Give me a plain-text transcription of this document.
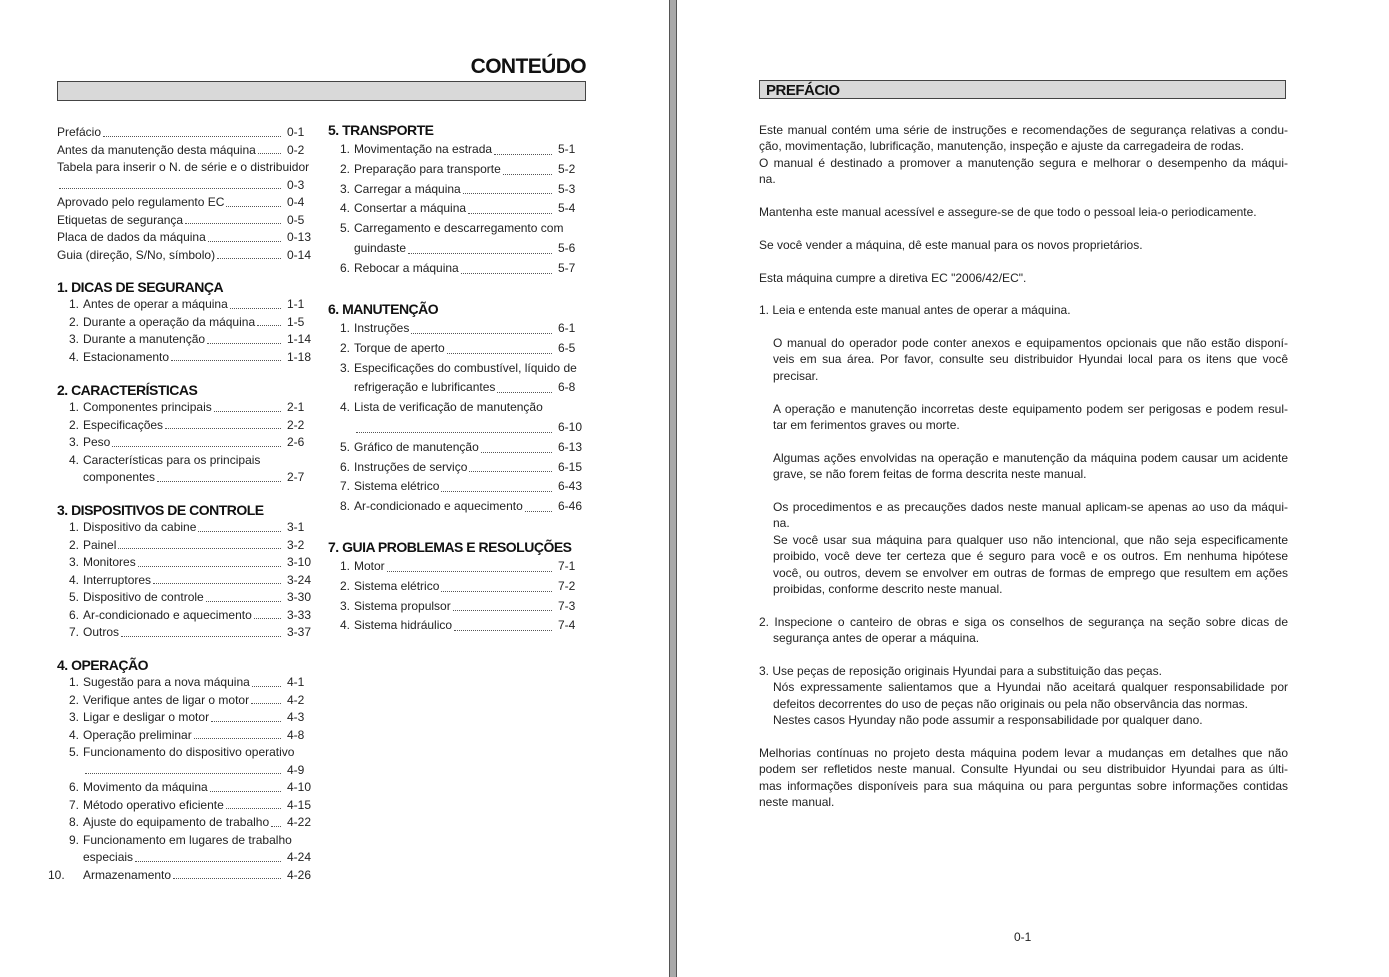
CONTEÚDO
Prefácio	0-1
Antes da manutenção desta máquina	0-2
Tabela para inserir o N. de série e o distribuidor
0-3
Aprovado pelo regulamento EC	0-4
Etiquetas de segurança	0-5
Placa de dados da máquina	0-13
Guia (direção, S/No, símbolo)	0-14
1. DICAS DE SEGURANÇA
1. Antes de operar a máquina	1-1
2. Durante a operação da máquina	1-5
3. Durante a manutenção	1-14
4. Estacionamento	1-18
2. CARACTERÍSTICAS
1. Componentes principais	2-1
2. Especificações	2-2
3. Peso	2-6
4. Características para os principais
componentes	2-7
3. DISPOSITIVOS DE CONTROLE
1. Dispositivo da cabine	3-1
2. Painel	3-2
3. Monitores	3-10
4. Interruptores	3-24
5. Dispositivo de controle	3-30
6. Ar-condicionado e aquecimento	3-33
7. Outros	3-37
4. OPERAÇÃO
1. Sugestão para a nova máquina	4-1
2. Verifique antes de ligar o motor	4-2
3. Ligar e desligar o motor	4-3
4. Operação preliminar	4-8
5. Funcionamento do dispositivo operativo
4-9
6. Movimento da máquina	4-10
7. Método operativo eficiente	4-15
8. Ajuste do equipamento de trabalho 4-22
9. Funcionamento em lugares de trabalho
especiais	4-24
10.	Armazenamento	4-26
5. TRANSPORTE
1. Movimentação na estrada	5-1
2. Preparação para transporte	5-2
3. Carregar a máquina	5-3
4. Consertar a máquina	5-4
5. Carregamento e descarregamento com
guindaste	5-6
6. Rebocar a máquina	5-7
6. MANUTENÇÃO
1. Instruções	6-1
2. Torque de aperto	6-5
3. Especificações do combustível, líquido de
refrigeração e lubrificantes	6-8
4. Lista de verificação de manutenção
6-10
5. Gráfico de manutenção	6-13
6. Instruções de serviço	6-15
7. Sistema elétrico	6-43
8. Ar-condicionado e aquecimento	6-46
7. GUIA PROBLEMAS E RESOLUÇÕES
1. Motor	7-1
2. Sistema elétrico	7-2
3. Sistema propulsor	7-3
4. Sistema hidráulico	7-4
PREFÁCIO
Este manual contém uma série de instruções e recomendações de segurança relativas a condu-
ção, movimentação, lubrificação, manutenção, inspeção e ajuste da carregadeira de rodas.
O manual é destinado a promover a manutenção segura e melhorar o desempenho da máqui-
na.
Mantenha este manual acessível e assegure-se de que todo o pessoal leia-o periodicamente.
Se você vender a máquina, dê este manual para os novos proprietários.
Esta máquina cumpre a diretiva EC "2006/42/EC".
1. Leia e entenda este manual antes de operar a máquina.
O manual do operador pode conter anexos e equipamentos opcionais que não estão disponí-
veis em sua área. Por favor, consulte seu distribuidor Hyundai local para os itens que você
precisar.
A operação e manutenção incorretas deste equipamento podem ser perigosas e podem resul-
tar em ferimentos graves ou morte.
Algumas ações envolvidas na operação e manutenção da máquina podem causar um acidente
grave, se não forem feitas de forma descrita neste manual.
Os procedimentos e as precauções dados neste manual aplicam-se apenas ao uso da máqui-
na.
Se você usar sua máquina para qualquer uso não intencional, que não seja especificamente
proibido, você deve ter certeza que é seguro para você e os outros. Em nenhuma hipótese
você, ou outros, devem se envolver em outras de formas de emprego que resultem em ações
proibidas, conforme descrito neste manual.
2. Inspecione o canteiro de obras e siga os conselhos de segurança na seção sobre dicas de
segurança antes de operar a máquina.
3. Use peças de reposição originais Hyundai para a substituição das peças.
Nós expressamente salientamos que a Hyundai não aceitará qualquer responsabilidade por
defeitos decorrentes do uso de peças não originais ou pela não observância das normas.
Nestes casos Hyunday não pode assumir a responsabilidade por qualquer dano.
Melhorias contínuas no projeto desta máquina podem levar a mudanças em detalhes que não
podem ser refletidos neste manual. Consulte Hyundai ou seu distribuidor Hyundai para as últi-
mas informações disponíveis para sua máquina ou para perguntas sobre informações contidas
neste manual.
0-1
